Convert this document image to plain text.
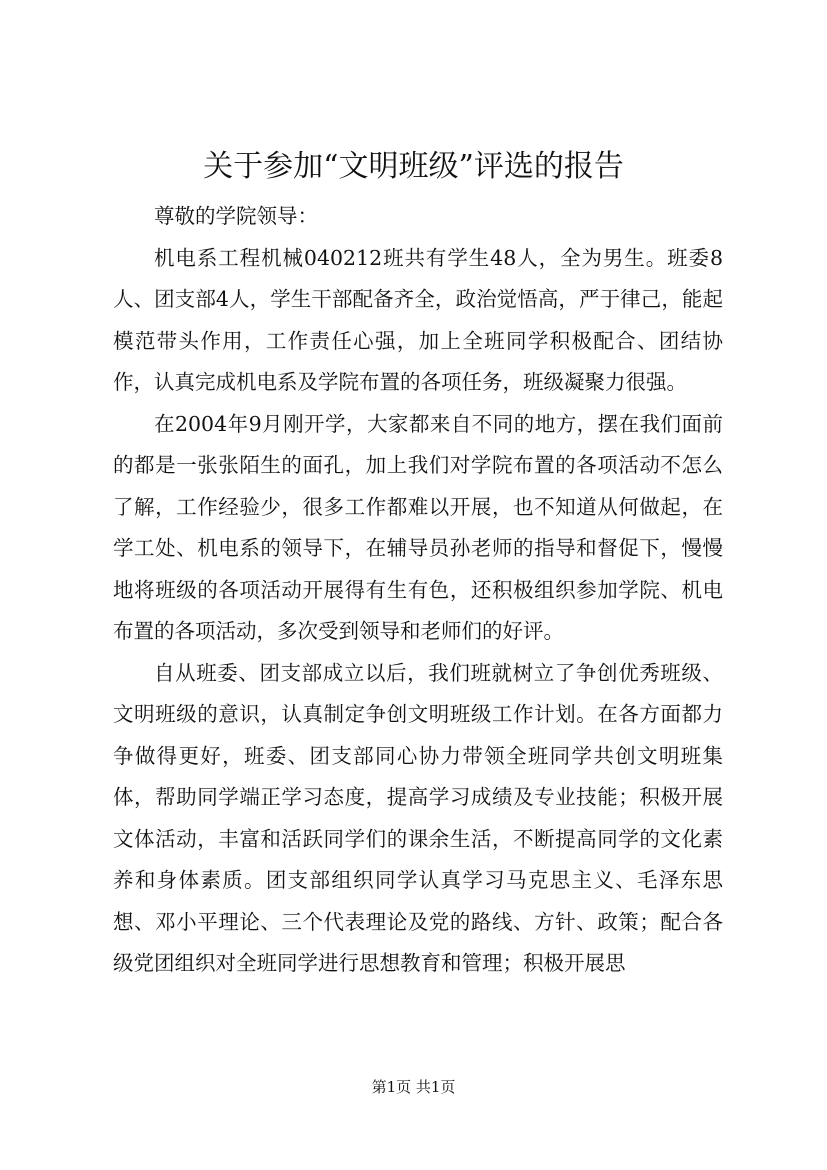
关于参加“文明班级”评选的报告

尊敬的学院领导：

机电系工程机械040212班共有学生48人，全为男生。班委8人、团支部4人，学生干部配备齐全，政治觉悟高，严于律己，能起模范带头作用，工作责任心强，加上全班同学积极配合、团结协作，认真完成机电系及学院布置的各项任务，班级凝聚力很强。

在2004年9月刚开学，大家都来自不同的地方，摆在我们面前的都是一张张陌生的面孔，加上我们对学院布置的各项活动不怎么了解，工作经验少，很多工作都难以开展，也不知道从何做起，在学工处、机电系的领导下，在辅导员孙老师的指导和督促下，慢慢地将班级的各项活动开展得有生有色，还积极组织参加学院、机电布置的各项活动，多次受到领导和老师们的好评。

自从班委、团支部成立以后，我们班就树立了争创优秀班级、文明班级的意识，认真制定争创文明班级工作计划。在各方面都力争做得更好，班委、团支部同心协力带领全班同学共创文明班集体，帮助同学端正学习态度，提高学习成绩及专业技能；积极开展文体活动，丰富和活跃同学们的课余生活，不断提高同学的文化素养和身体素质。团支部组织同学认真学习马克思主义、毛泽东思想、邓小平理论、三个代表理论及党的路线、方针、政策；配合各级党团组织对全班同学进行思想教育和管理；积极开展思

第1页 共1页
